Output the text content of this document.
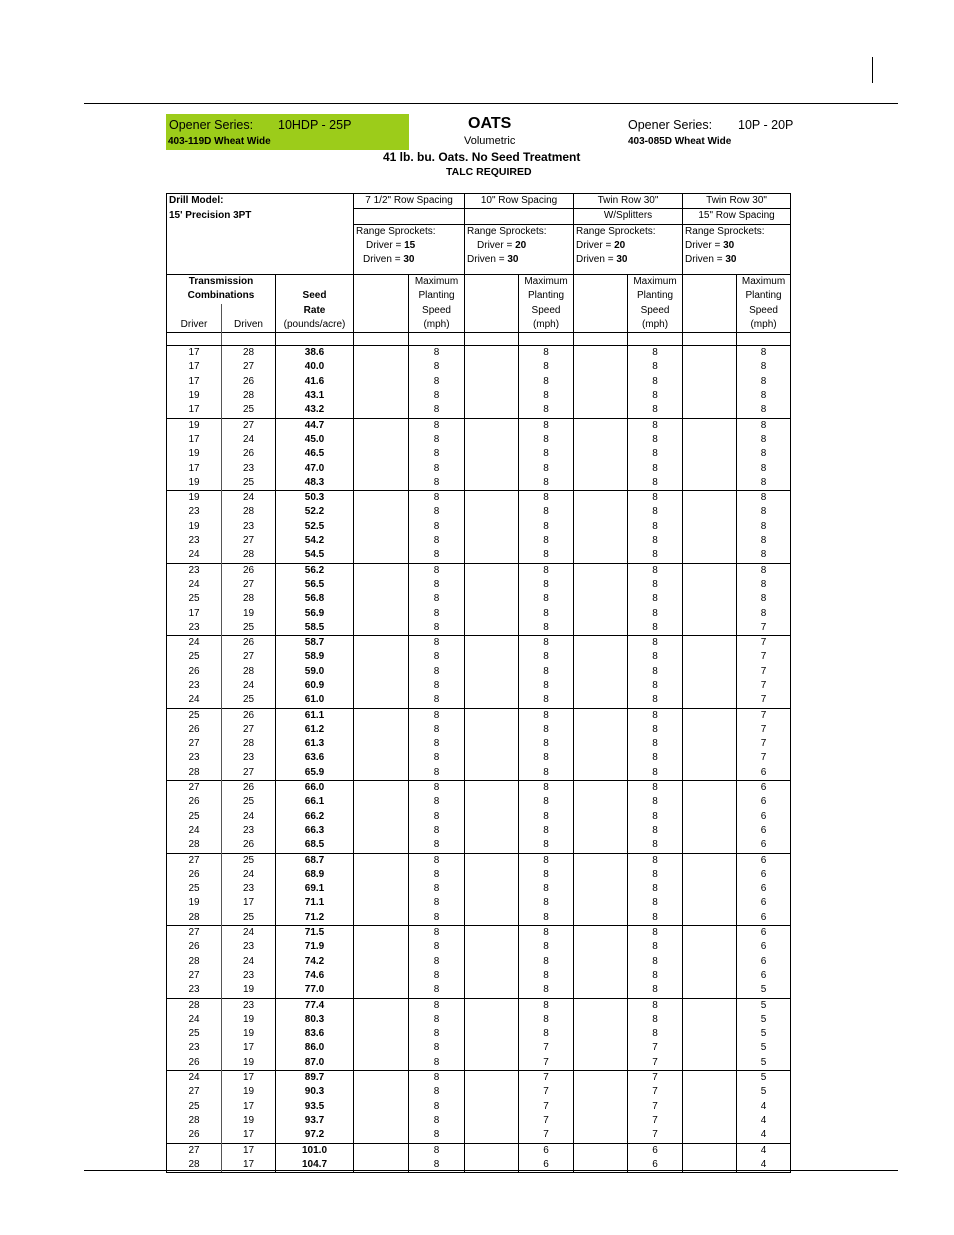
Opener Series: 10HDP - 25P
403-119D Wheat Wide
OATS
Volumetric
41 lb. bu. Oats. No Seed Treatment
TALC REQUIRED
Opener Series: 10P - 20P
403-085D Wheat Wide
Drill Model:			7 1/2" Row Spacing		10" Row Spacing		Twin Row 30"		Twin Row 30"	
15' Precision 3PT							W/Splitters		15" Row Spacing	
			Range Sprockets:		Range Sprockets:		Range Sprockets:		Range Sprockets:	
			Driver = 15		Driver = 20		Driver = 20		Driver = 30	
			Driven = 30		Driven = 30		Driven = 30		Driven = 30	

Transmission				Maximum		Maximum		Maximum		Maximum
Combinations		Seed		Planting		Planting		Planting		Planting
		Rate		Speed		Speed		Speed		Speed
Driver	Driven	(pounds/acre)		(mph)		(mph)		(mph)		(mph)

17	28	38.6		8		8		8		8
17	27	40.0		8		8		8		8
17	26	41.6		8		8		8		8
19	28	43.1		8		8		8		8
17	25	43.2		8		8		8		8
19	27	44.7		8		8		8		8
17	24	45.0		8		8		8		8
19	26	46.5		8		8		8		8
17	23	47.0		8		8		8		8
19	25	48.3		8		8		8		8
19	24	50.3		8		8		8		8
23	28	52.2		8		8		8		8
19	23	52.5		8		8		8		8
23	27	54.2		8		8		8		8
24	28	54.5		8		8		8		8
23	26	56.2		8		8		8		8
24	27	56.5		8		8		8		8
25	28	56.8		8		8		8		8
17	19	56.9		8		8		8		8
23	25	58.5		8		8		8		7
24	26	58.7		8		8		8		7
25	27	58.9		8		8		8		7
26	28	59.0		8		8		8		7
23	24	60.9		8		8		8		7
24	25	61.0		8		8		8		7
25	26	61.1		8		8		8		7
26	27	61.2		8		8		8		7
27	28	61.3		8		8		8		7
23	23	63.6		8		8		8		7
28	27	65.9		8		8		8		6
27	26	66.0		8		8		8		6
26	25	66.1		8		8		8		6
25	24	66.2		8		8		8		6
24	23	66.3		8		8		8		6
28	26	68.5		8		8		8		6
27	25	68.7		8		8		8		6
26	24	68.9		8		8		8		6
25	23	69.1		8		8		8		6
19	17	71.1		8		8		8		6
28	25	71.2		8		8		8		6
27	24	71.5		8		8		8		6
26	23	71.9		8		8		8		6
28	24	74.2		8		8		8		6
27	23	74.6		8		8		8		6
23	19	77.0		8		8		8		5
28	23	77.4		8		8		8		5
24	19	80.3		8		8		8		5
25	19	83.6		8		8		8		5
23	17	86.0		8		7		7		5
26	19	87.0		8		7		7		5
24	17	89.7		8		7		7		5
27	19	90.3		8		7		7		5
25	17	93.5		8		7		7		4
28	19	93.7		8		7		7		4
26	17	97.2		8		7		7		4
27	17	101.0		8		6		6		4
28	17	104.7		8		6		6		4
